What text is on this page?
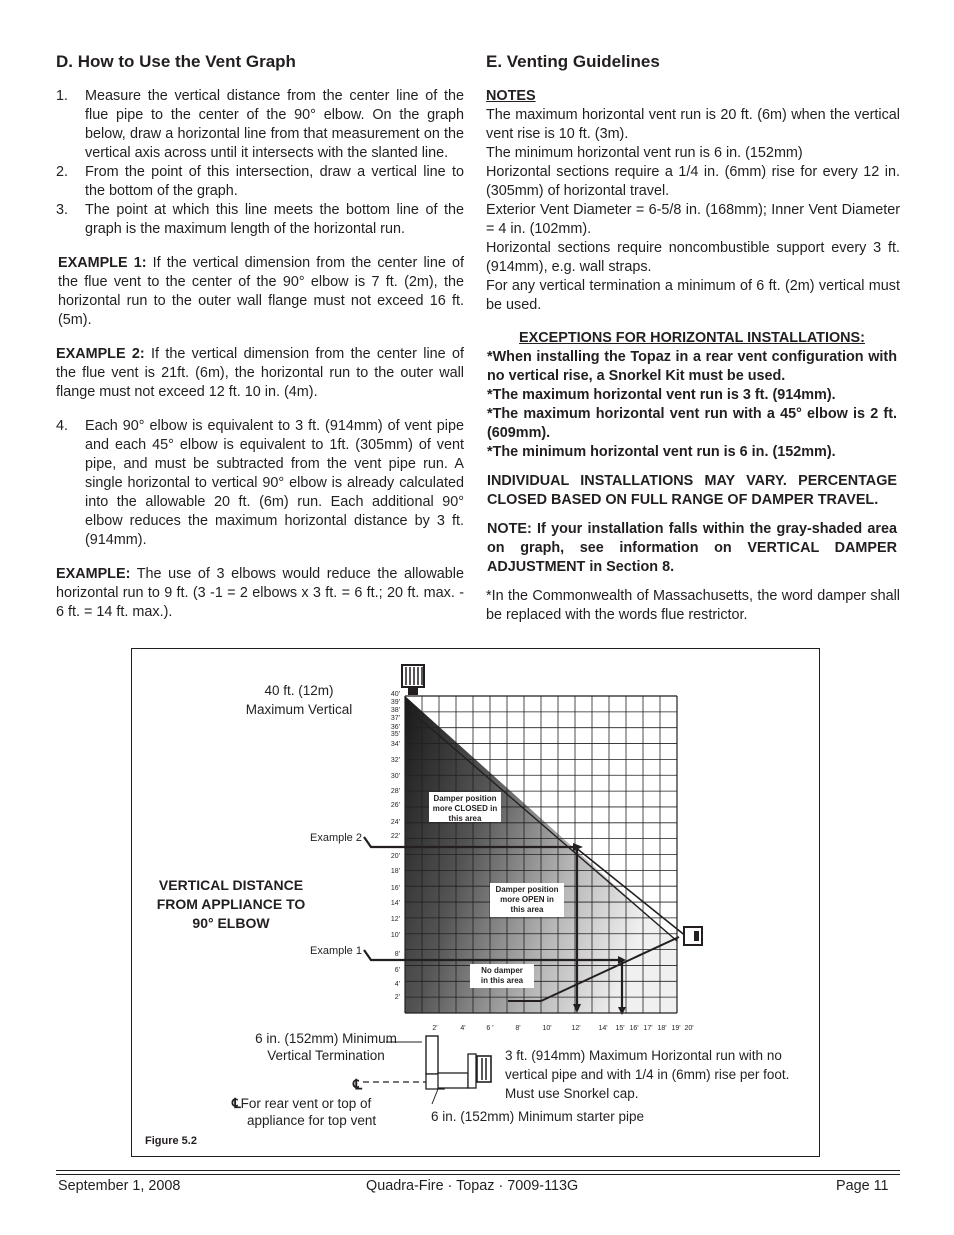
D. How to Use the Vent Graph
1. Measure the vertical distance from the center line of the flue pipe to the center of the 90° elbow. On the graph below, draw a horizontal line from that measurement on the vertical axis across until it intersects with the slanted line.
2. From the point of this intersection, draw a vertical line to the bottom of the graph.
3. The point at which this line meets the bottom line of the graph is the maximum length of the horizontal run.

EXAMPLE 1: If the vertical dimension from the center line of the flue vent to the center of the 90° elbow is 7 ft. (2m), the horizontal run to the outer wall flange must not exceed 16 ft. (5m).

EXAMPLE 2: If the vertical dimension from the center line of the flue vent is 21ft. (6m), the horizontal run to the outer wall flange must not exceed 12 ft. 10 in. (4m).

4. Each 90° elbow is equivalent to 3 ft. (914mm) of vent pipe and each 45° elbow is equivalent to 1ft. (305mm) of vent pipe, and must be subtracted from the vent pipe run. A single horizontal to vertical 90° elbow is already calculated into the allowable 20 ft. (6m) run. Each additional 90° elbow reduces the maximum horizontal distance by 3 ft. (914mm).

EXAMPLE: The use of 3 elbows would reduce the allowable horizontal run to 9 ft. (3 -1 = 2 elbows x 3 ft. = 6 ft.; 20 ft. max. - 6 ft. = 14 ft. max.).

E. Venting Guidelines
NOTES

The maximum horizontal vent run is 20 ft. (6m) when the vertical vent rise is 10 ft. (3m).

The minimum horizontal vent run is 6 in. (152mm)

Horizontal sections require a 1/4 in. (6mm) rise for every 12 in. (305mm) of horizontal travel.

Exterior Vent Diameter = 6-5/8 in. (168mm); Inner Vent Diameter = 4 in. (102mm).

Horizontal sections require noncombustible support every 3 ft. (914mm), e.g. wall straps.

For any vertical termination a minimum of 6 ft. (2m) vertical must be used.

EXCEPTIONS FOR HORIZONTAL INSTALLATIONS:

*When installing the Topaz in a rear vent configuration with no vertical rise, a Snorkel Kit must be used.

*The maximum horizontal vent run is 3 ft. (914mm).

*The maximum horizontal vent run with a 45° elbow is 2 ft. (609mm).

*The minimum horizontal vent run is 6 in. (152mm).

INDIVIDUAL INSTALLATIONS MAY VARY. PERCENTAGE CLOSED BASED ON FULL RANGE OF DAMPER TRAVEL.

NOTE: If your installation falls within the gray-shaded area on graph, see information on VERTICAL DAMPER ADJUSTMENT in Section 8.

*In the Commonwealth of Massachusetts, the word damper shall be replaced with the words flue restrictor.

40'
39'
38'
37'
36'
35'
34'
32'
30'
28'
26'
24'
22'
20'
18'
16'
14'
12'
10'
8'
6'
4'
2'
2'	4'	6 '	8'	10'	12'	14' 15' 16' 17' 18' 19' 20'
Damper position
more CLOSED in
this area
Damper position
more OPEN in
this area
No damper
in this area
℄
40 ft. (12m)
Maximum Vertical
VERTICAL DISTANCE
FROM APPLIANCE TO
90° ELBOW
Example 2
Example 1
6 in. (152mm) Minimum
Vertical Termination
℄For rear vent or top of
appliance for top vent
3 ft. (914mm) Maximum Horizontal run with no
vertical pipe and with 1/4 in (6mm) rise per foot.
Must use Snorkel cap.
6 in. (152mm) Minimum starter pipe
Figure 5.2
September 1, 2008	Quadra-Fire · Topaz · 7009-113G	Page 11
